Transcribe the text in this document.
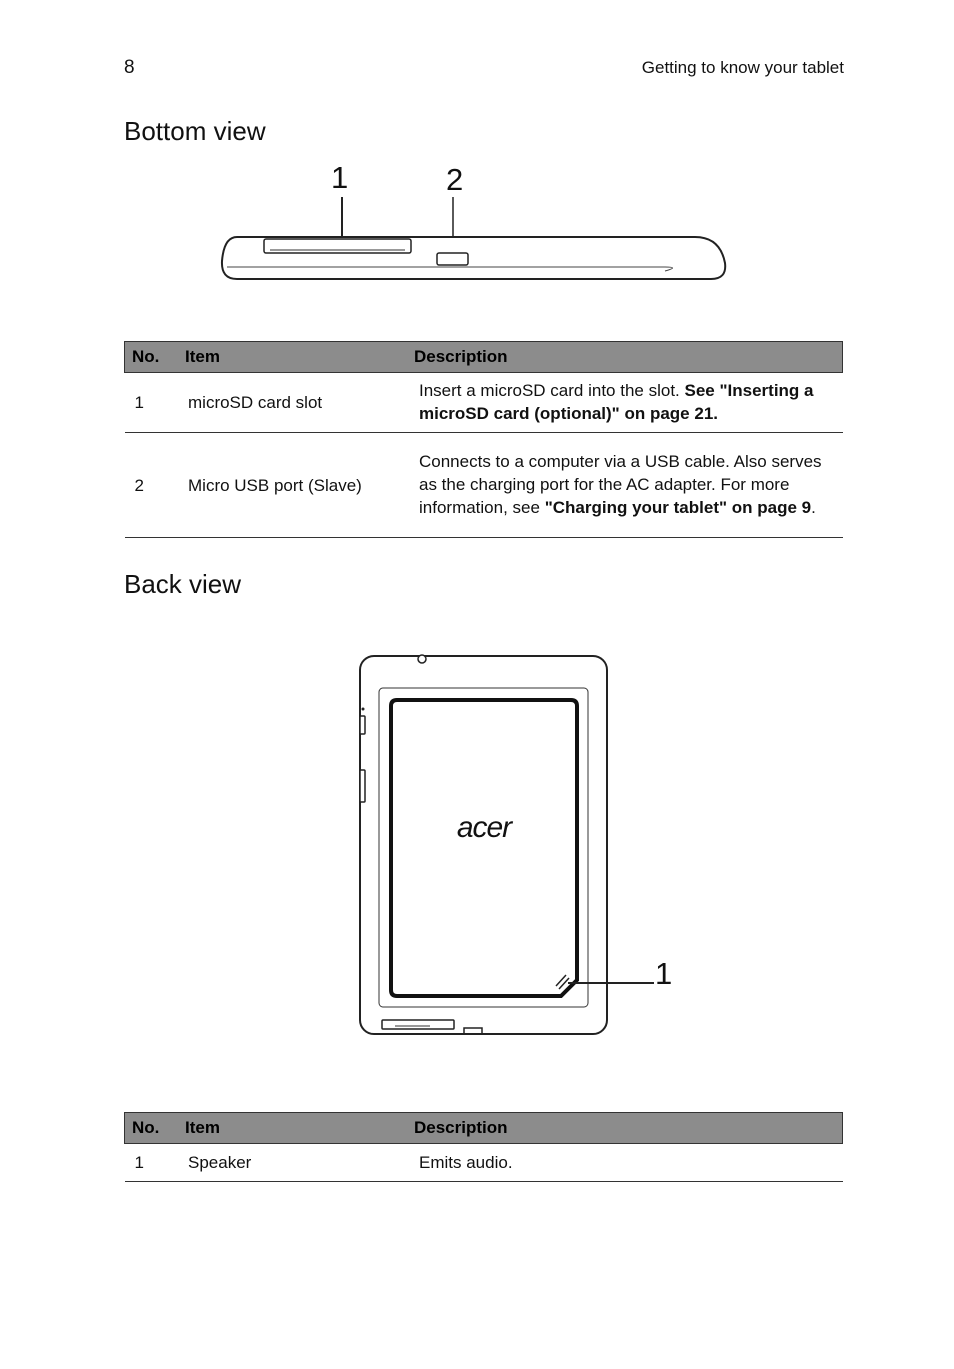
8	Getting to know your tablet
Bottom view
1	2
No.	Item	Description
1	microSD card slot	Insert a microSD card into the slot. See "Inserting a microSD card (optional)" on page 21.
2	Micro USB port (Slave)	Connects to a computer via a USB cable. Also serves as the charging port for the AC adapter. For more information, see "Charging your tablet" on page 9.
Back view
acer
1
No.	Item	Description
1	Speaker	Emits audio.
